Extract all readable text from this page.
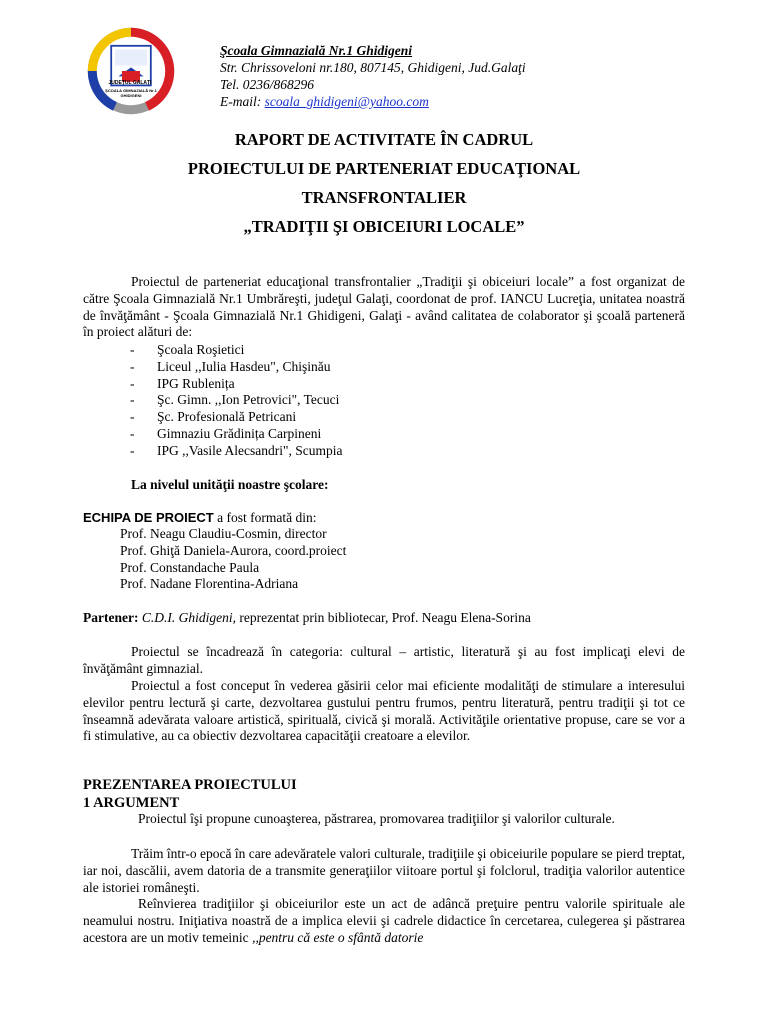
JUDEȚUL GALAȚI
ȘCOALA GIMNAZIALĂ Nr.1 GHIDIGENI
Şcoala Gimnazială Nr.1 Ghidigeni
Str. Chrissoveloni nr.180, 807145, Ghidigeni, Jud.Galaţi
Tel. 0236/868296
E-mail: scoala_ghidigeni@yahoo.com
RAPORT DE ACTIVITATE ÎN CADRUL
PROIECTULUI DE PARTENERIAT EDUCAŢIONAL
TRANSFRONTALIER
„TRADIŢII ŞI OBICEIURI LOCALE”
Proiectul de parteneriat educaţional transfrontalier „Tradiţii şi obiceiuri locale” a fost organizat de către Şcoala Gimnazială Nr.1 Umbrăreşti, judeţul Galaţi, coordonat de prof. IANCU Lucreţia, unitatea noastră de învăţământ - Şcoala Gimnazială Nr.1 Ghidigeni, Galaţi - având calitatea de colaborator şi şcoală parteneră în proiect alături de:
- Şcoala Roşietici
- Liceul ,,Iulia Hasdeu", Chişinău
- IPG Rublenița
- Şc. Gimn. ,,Ion Petrovici", Tecuci
- Şc. Profesională Petricani
- Gimnaziu Grădinița Carpineni
- IPG ,,Vasile Alecsandri", Scumpia
La nivelul unităţii noastre şcolare:
ECHIPA DE PROIECT a fost formată din:
Prof. Neagu Claudiu-Cosmin, director
Prof. Ghiţă Daniela-Aurora, coord.proiect
Prof. Constandache Paula
Prof. Nadane Florentina-Adriana
Partener: C.D.I. Ghidigeni, reprezentat prin bibliotecar, Prof. Neagu Elena-Sorina
Proiectul se încadrează în categoria: cultural – artistic, literatură şi au fost implicaţi elevi de învăţământ gimnazial.
Proiectul a fost conceput în vederea găsirii celor mai eficiente modalităţi de stimulare a interesului elevilor pentru lectură şi carte, dezvoltarea gustului pentru frumos, pentru literatură, pentru tradiţii şi tot ce înseamnă adevărata valoare artistică, spirituală, civică şi morală. Activităţile orientative propuse, care se vor a fi stimulative, au ca obiectiv dezvoltarea capacităţii creatoare a elevilor.
PREZENTAREA PROIECTULUI
1 ARGUMENT
Proiectul îşi propune cunoaşterea, păstrarea, promovarea tradiţiilor şi valorilor culturale.
Trăim într-o epocă în care adevăratele valori culturale, tradiţiile şi obiceiurile populare se pierd treptat, iar noi, dascălii, avem datoria de a transmite generaţiilor viitoare portul şi folclorul, tradiţia valorilor autentice ale istoriei româneşti.
Reînvierea tradiţiilor şi obiceiurilor este un act de adâncă preţuire pentru valorile spirituale ale neamului nostru. Iniţiativa noastră de a implica elevii şi cadrele didactice în cercetarea, culegerea şi păstrarea acestora are un motiv temeinic ,,pentru că este o sfântă datorie
